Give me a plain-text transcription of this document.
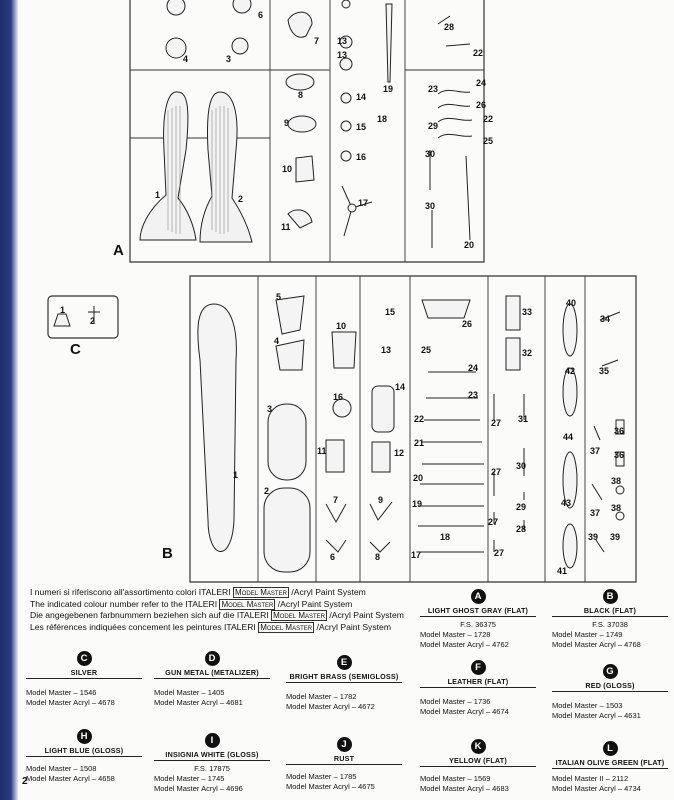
6
4	3
7 13
13
8
9
14
15
16
19
18
10
17
11
1	2
28
22
23
24
26
22
29
25
30
30
20
A
1
2
C
5
4
3
2
1
10
15
13
14
16
11	12
7	9
6	8
26
33
32
25
24
23
22
21
20
19
18
17
27 31
30
27
29
27
28
27
40
42
44
43
41
34
35
36
37 36
38
37 38
39 39
B
I numeri si riferiscono all'assortimento colori ITALERI Model Master /Acryl Paint System
The indicated colour number refer to the ITALERI Model Master /Acryl Paint System
Die angegebenen farbnummern beziehen sich auf die ITALERI Model Master /Acryl Paint System
Les références indiquées concement les peintures ITALERI Model Master /Acryl Paint System
A
LIGHT GHOST GRAY (FLAT)
F.S. 36375
Model Master – 1728
Model Master Acryl – 4762
B
BLACK (FLAT)
F.S. 37038
Model Master – 1749
Model Master Acryl – 4768
C
SILVER
Model Master – 1546
Model Master Acryl – 4678
D
GUN METAL (METALIZER)
Model Master – 1405
Model Master Acryl – 4681
E
BRIGHT BRASS (SEMIGLOSS)
Model Master – 1782
Model Master Acryl – 4672
F
LEATHER (FLAT)
Model Master – 1736
Model Master Acryl – 4674
G
RED (GLOSS)
Model Master – 1503
Model Master Acryl – 4631
H
LIGHT BLUE (GLOSS)
Model Master – 1508
Model Master Acryl – 4658
I
INSIGNIA WHITE (GLOSS)
F.S. 17875
Model Master – 1745
Model Master Acryl – 4696
J
RUST
Model Master – 1785
Model Master Acryl – 4675
K
YELLOW (FLAT)
Model Master – 1569
Model Master Acryl – 4683
L
ITALIAN OLIVE GREEN (FLAT)
Model Master II – 2112
Model Master Acryl – 4734
2
